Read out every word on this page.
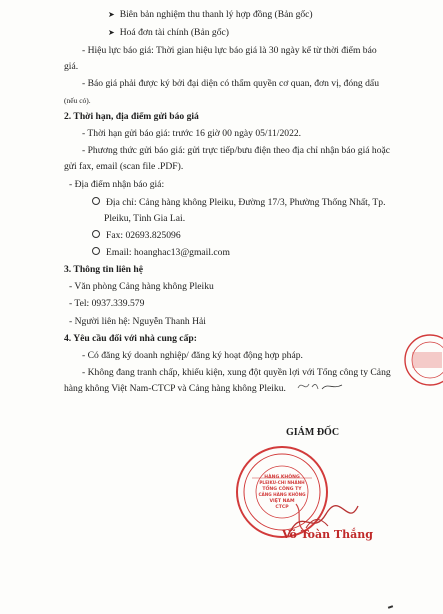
➤ Biên bản nghiệm thu thanh lý hợp đồng (Bản gốc)
➤ Hoá đơn tài chính (Bản gốc)
- Hiệu lực báo giá: Thời gian hiệu lực báo giá là 30 ngày kể từ thời điểm báo
giá.
- Báo giá phải được ký bởi đại diện có thẩm quyền cơ quan, đơn vị, đóng dấu
(nếu có).
2. Thời hạn, địa điểm gửi báo giá
- Thời hạn gửi báo giá: trước 16 giờ 00 ngày 05/11/2022.
- Phương thức gửi báo giá: gửi trực tiếp/bưu điện theo địa chỉ nhận báo giá hoặc
gửi fax, email (scan file .PDF).
- Địa điểm nhận báo giá:
Địa chỉ: Cảng hàng không Pleiku, Đường 17/3, Phường Thống Nhất, Tp.
Pleiku, Tỉnh Gia Lai.
Fax: 02693.825096
Email: hoanghac13@gmail.com
3. Thông tin liên hệ
- Văn phòng Cảng hàng không Pleiku
- Tel: 0937.339.579
- Người liên hệ: Nguyễn Thanh Hải
4. Yêu cầu đối với nhà cung cấp:
- Có đăng ký doanh nghiệp/ đăng ký hoạt động hợp pháp.
- Không đang tranh chấp, khiếu kiện, xung đột quyền lợi với Tổng công ty Cảng
hàng không Việt Nam-CTCP và Cảng hàng không Pleiku.
GIÁM ĐỐC
HÀNG KHÔNG
PLEIKU-CHI NHÁNH
TỔNG CÔNG TY
CẢNG HÀNG KHÔNG
VIỆT NAM
CTCP
Võ Toàn Thắng
